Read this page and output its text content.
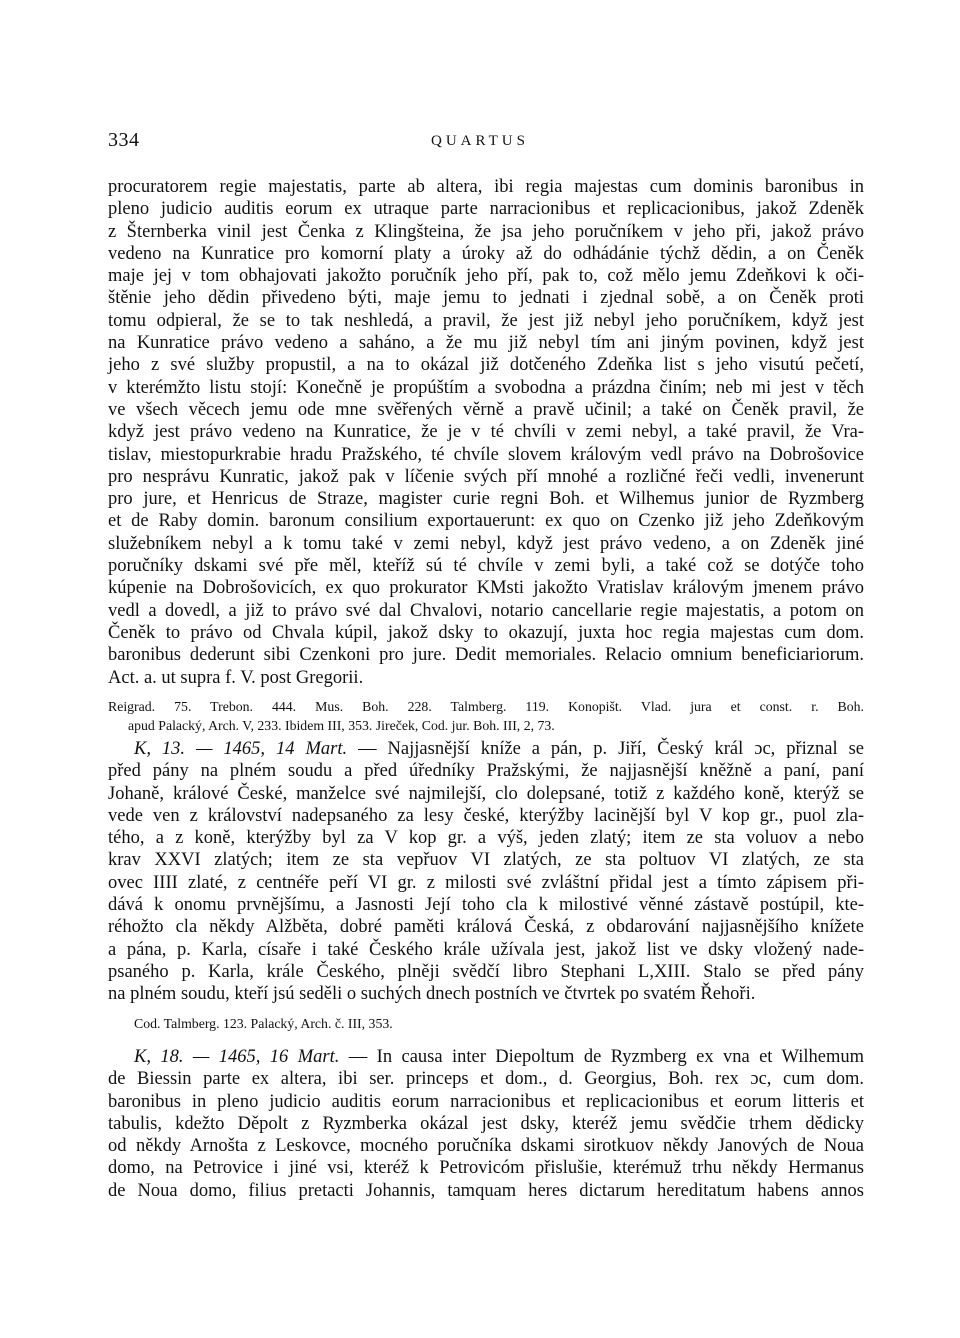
334	QUARTUS
procuratorem regie majestatis, parte ab altera, ibi regia majestas cum dominis baronibus in
pleno judicio auditis eorum ex utraque parte narracionibus et replicacionibus, jakož Zdeněk
z Šternberka vinil jest Čenka z Klingšteina, že jsa jeho poručníkem v jeho při, jakož právo
vedeno na Kunratice pro komorní platy a úroky až do odhádánie týchž dědin, a on Čeněk
maje jej v tom obhajovati jakožto poručník jeho pří, pak to, což mělo jemu Zdeňkovi k oči-
štěnie jeho dědin přivedeno býti, maje jemu to jednati i zjednal sobě, a on Čeněk proti
tomu odpieral, že se to tak neshledá, a pravil, že jest již nebyl jeho poručníkem, když jest
na Kunratice právo vedeno a saháno, a že mu již nebyl tím ani jiným povinen, když jest
jeho z své služby propustil, a na to okázal již dotčeného Zdeňka list s jeho visutú pečetí,
v kterémžto listu stojí: Konečně je propúštím a svobodna a prázdna činím; neb mi jest v těch
ve všech věcech jemu ode mne svěřených věrně a pravě učinil; a také on Čeněk pravil, že
když jest právo vedeno na Kunratice, že je v té chvíli v zemi nebyl, a také pravil, že Vra-
tislav, miestopurkrabie hradu Pražského, té chvíle slovem královým vedl právo na Dobrošovice
pro nesprávu Kunratic, jakož pak v líčenie svých pří mnohé a rozličné řeči vedli, invenerunt
pro jure, et Henricus de Straze, magister curie regni Boh. et Wilhemus junior de Ryzmberg
et de Raby domin. baronum consilium exportauerunt: ex quo on Czenko již jeho Zdeňkovým
služebníkem nebyl a k tomu také v zemi nebyl, když jest právo vedeno, a on Zdeněk jiné
poručníky dskami své pře měl, kteříž sú té chvíle v zemi byli, a také což se dotýče toho
kúpenie na Dobrošovicích, ex quo prokurator KMsti jakožto Vratislav královým jmenem právo
vedl a dovedl, a již to právo své dal Chvalovi, notario cancellarie regie majestatis, a potom on
Čeněk to právo od Chvala kúpil, jakož dsky to okazují, juxta hoc regia majestas cum dom.
baronibus dederunt sibi Czenkoni pro jure. Dedit memoriales. Relacio omnium beneficiariorum.
Act. a. ut supra f. V. post Gregorii.
Reigrad. 75. Trebon. 444. Mus. Boh. 228. Talmberg. 119. Konopišt. Vlad. jura et const. r. Boh.
apud Palacký, Arch. V, 233. Ibidem III, 353. Jireček, Cod. jur. Boh. III, 2, 73.
K, 13. — 1465, 14 Mart. — Najjasnější kníže a pán, p. Jiří, Český král ɔc, přiznal se
před pány na plném soudu a před úředníky Pražskými, že najjasnější kněžně a paní, paní
Johaně, králové České, manželce své najmilejší, clo dolepsané, totiž z každého koně, kterýž se
vede ven z království nadepsaného za lesy české, kterýžby lacinější byl V kop gr., puol zla-
tého, a z koně, kterýžby byl za V kop gr. a výš, jeden zlatý; item ze sta voluov a nebo
krav XXVI zlatých; item ze sta vepřuov VI zlatých, ze sta poltuov VI zlatých, ze sta
ovec IIII zlaté, z centnéře peří VI gr. z milosti své zvláštní přidal jest a tímto zápisem při-
dává k onomu prvnějšímu, a Jasnosti Její toho cla k milostivé věnné zástavě postúpil, kte-
réhožto cla někdy Alžběta, dobré paměti králová Česká, z obdarování najjasnějšího knížete
a pána, p. Karla, císaře i také Českého krále užívala jest, jakož list ve dsky vložený nade-
psaného p. Karla, krále Českého, plněji svědčí libro Stephani L,XIII. Stalo se před pány
na plném soudu, kteří jsú seděli o suchých dnech postních ve čtvrtek po svatém Řehoři.
Cod. Talmberg. 123. Palacký, Arch. č. III, 353.
K, 18. — 1465, 16 Mart. — In causa inter Diepoltum de Ryzmberg ex vna et Wilhemum
de Biessin parte ex altera, ibi ser. princeps et dom., d. Georgius, Boh. rex ɔc, cum dom.
baronibus in pleno judicio auditis eorum narracionibus et replicacionibus et eorum litteris et
tabulis, kdežto Děpolt z Ryzmberka okázal jest dsky, kteréž jemu svědčie trhem dědicky
od někdy Arnošta z Leskovce, mocného poručníka dskami sirotkuov někdy Janových de Noua
domo, na Petrovice i jiné vsi, kteréž k Petrovicóm přislušie, kterémuž trhu někdy Hermanus
de Noua domo, filius pretacti Johannis, tamquam heres dictarum hereditatum habens annos
